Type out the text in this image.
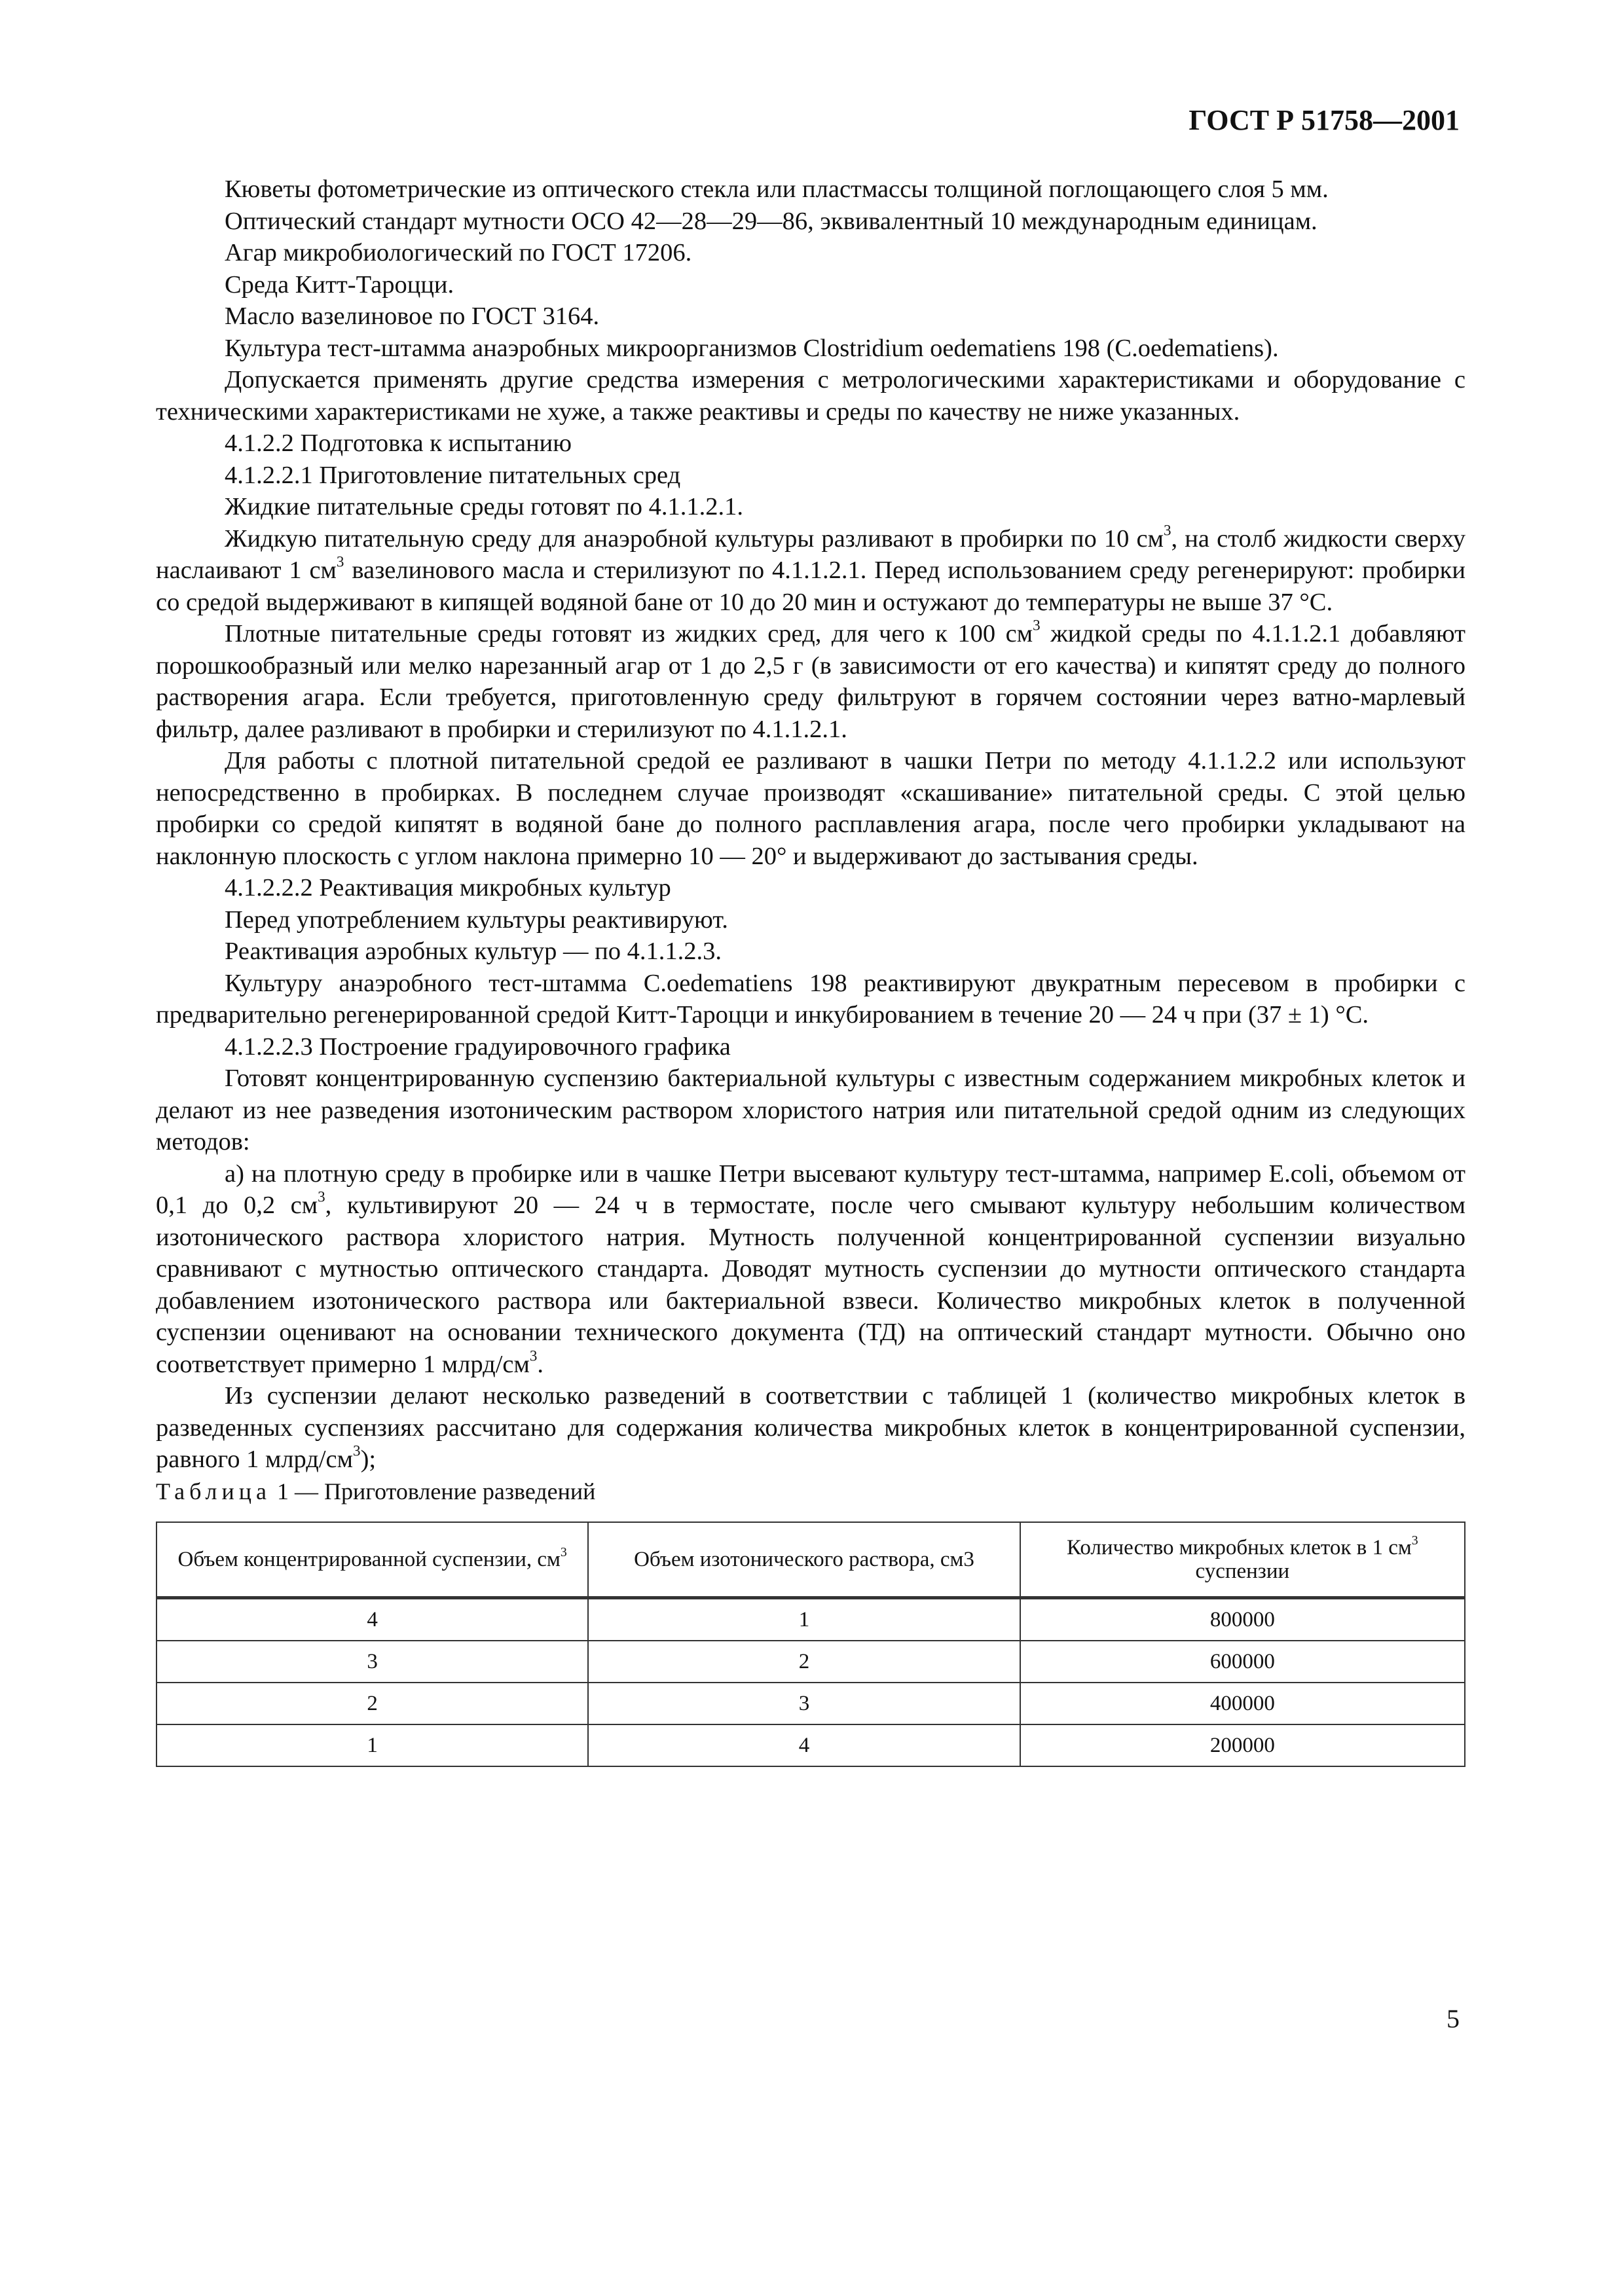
ГОСТ Р 51758—2001

Кюветы фотометрические из оптического стекла или пластмассы толщиной поглощающего слоя 5 мм.

Оптический стандарт мутности ОСО 42—28—29—86, эквивалентный 10 международным единицам.

Агар микробиологический по ГОСТ 17206.

Среда Китт-Тароцци.

Масло вазелиновое по ГОСТ 3164.

Культура тест-штамма анаэробных микроорганизмов Clostridium oedematiens 198 (C.oedematiens).

Допускается применять другие средства измерения с метрологическими характеристиками и оборудование с техническими характеристиками не хуже, а также реактивы и среды по качеству не ниже указанных.

4.1.2.2 Подготовка к испытанию

4.1.2.2.1 Приготовление питательных сред

Жидкие питательные среды готовят по 4.1.1.2.1.

Жидкую питательную среду для анаэробной культуры разливают в пробирки по 10 $см^3$, на столб жидкости сверху наслаивают 1 $см^3$ вазелинового масла и стерилизуют по 4.1.1.2.1. Перед использованием среду регенерируют: пробирки со средой выдерживают в кипящей водяной бане от 10 до 20 мин и остужают до температуры не выше 37 °С.

Плотные питательные среды готовят из жидких сред, для чего к 100 $см^3$ жидкой среды по 4.1.1.2.1 добавляют порошкообразный или мелко нарезанный агар от 1 до 2,5 г (в зависимости от его качества) и кипятят среду до полного растворения агара. Если требуется, приготовленную среду фильтруют в горячем состоянии через ватно-марлевый фильтр, далее разливают в пробирки и стерилизуют по 4.1.1.2.1.

Для работы с плотной питательной средой ее разливают в чашки Петри по методу 4.1.1.2.2 или используют непосредственно в пробирках. В последнем случае производят «скашивание» питательной среды. С этой целью пробирки со средой кипятят в водяной бане до полного расплавления агара, после чего пробирки укладывают на наклонную плоскость с углом наклона примерно 10 — 20° и выдерживают до застывания среды.

4.1.2.2.2 Реактивация микробных культур

Перед употреблением культуры реактивируют.

Реактивация аэробных культур — по 4.1.1.2.3.

Культуру анаэробного тест-штамма C.oedematiens 198 реактивируют двукратным пересевом в пробирки с предварительно регенерированной средой Китт-Тароцци и инкубированием в течение 20 — 24 ч при (37 ± 1) °С.

4.1.2.2.3 Построение градуировочного графика

Готовят концентрированную суспензию бактериальной культуры с известным содержанием микробных клеток и делают из нее разведения изотоническим раствором хлористого натрия или питательной средой одним из следующих методов:

а) на плотную среду в пробирке или в чашке Петри высевают культуру тест-штамма, например E.coli, объемом от 0,1 до 0,2 $см^3$, культивируют 20 — 24 ч в термостате, после чего смывают культуру небольшим количеством изотонического раствора хлористого натрия. Мутность полученной концентрированной суспензии визуально сравнивают с мутностью оптического стандарта. Доводят мутность суспензии до мутности оптического стандарта добавлением изотонического раствора или бактериальной взвеси. Количество микробных клеток в полученной суспензии оценивают на основании технического документа (ТД) на оптический стандарт мутности. Обычно оно соответствует примерно 1 млрд/$см^3$.

Из суспензии делают несколько разведений в соответствии с таблицей 1 (количество микробных клеток в разведенных суспензиях рассчитано для содержания количества микробных клеток в концентрированной суспензии, равного 1 млрд/$см^3$);

Таблица 1 — Приготовление разведений

Объем концентрированной суспензии, $см^3$	Объем изотонического раствора, см3	Количество микробных клеток в 1 $см^3$ суспензии
4	1	800000
3	2	600000
2	3	400000
1	4	200000
5
